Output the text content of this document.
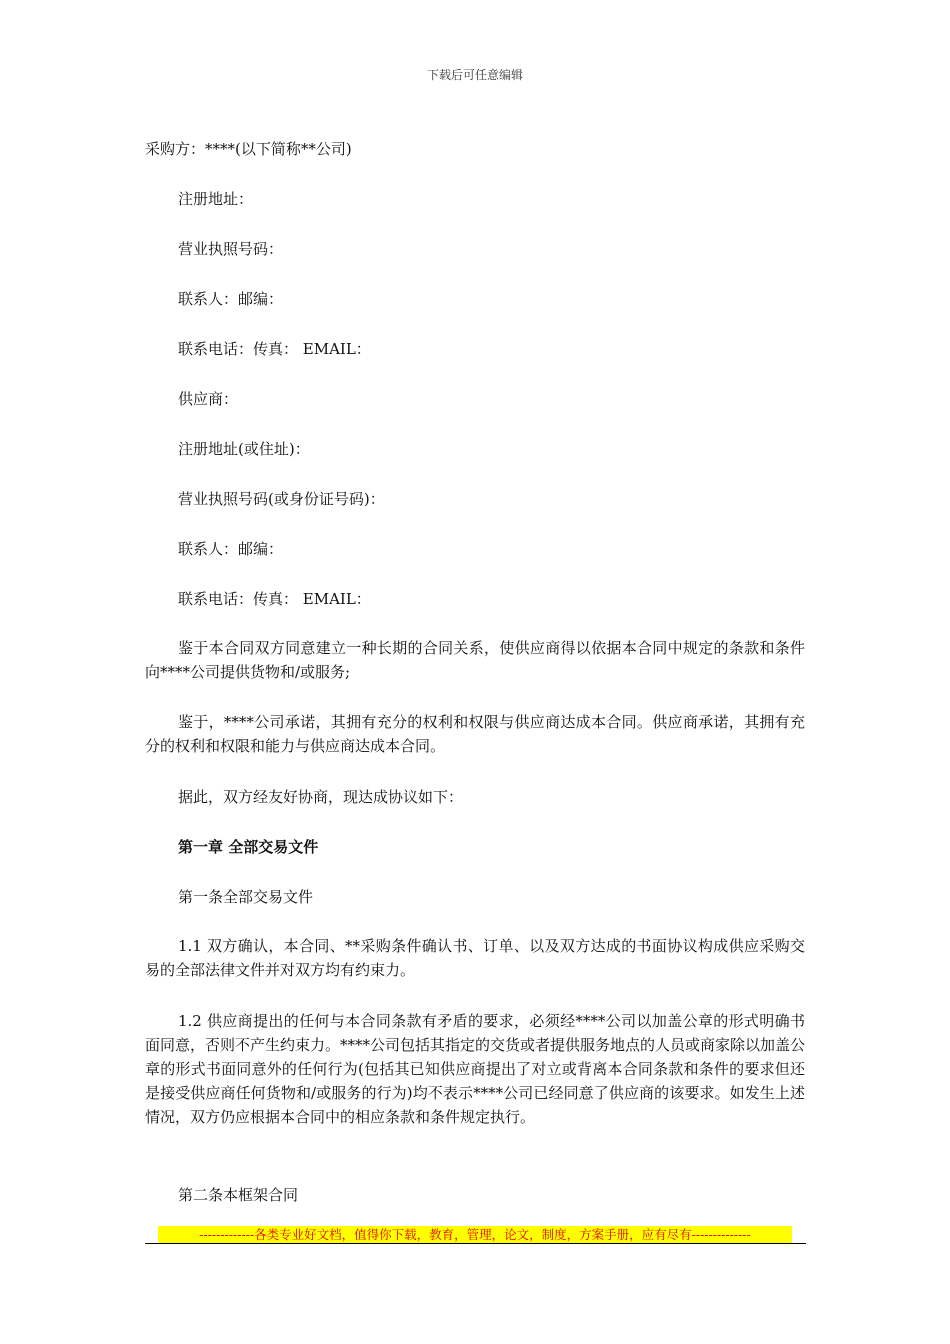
下载后可任意编辑
采购方：****(以下简称**公司)
注册地址：
营业执照号码：
联系人：邮编：
联系电话：传真： EMAIL：
供应商：
注册地址(或住址)：
营业执照号码(或身份证号码)：
联系人：邮编：
联系电话：传真： EMAIL：
鉴于本合同双方同意建立一种长期的合同关系，使供应商得以依据本合同中规定的条款和条件向****公司提供货物和/或服务;
鉴于，****公司承诺，其拥有充分的权利和权限与供应商达成本合同。供应商承诺，其拥有充分的权利和权限和能力与供应商达成本合同。
据此，双方经友好协商，现达成协议如下：
第一章 全部交易文件
第一条全部交易文件
1.1 双方确认，本合同、**采购条件确认书、订单、以及双方达成的书面协议构成供应采购交易的全部法律文件并对双方均有约束力。
1.2 供应商提出的任何与本合同条款有矛盾的要求，必须经****公司以加盖公章的形式明确书面同意，否则不产生约束力。****公司包括其指定的交货或者提供服务地点的人员或商家除以加盖公章的形式书面同意外的任何行为(包括其已知供应商提出了对立或背离本合同条款和条件的要求但还是接受供应商任何货物和/或服务的行为)均不表示****公司已经同意了供应商的该要求。如发生上述情况，双方仍应根据本合同中的相应条款和条件规定执行。
第二条本框架合同
-------------各类专业好文档，值得你下载，教育，管理，论文，制度，方案手册，应有尽有--------------
